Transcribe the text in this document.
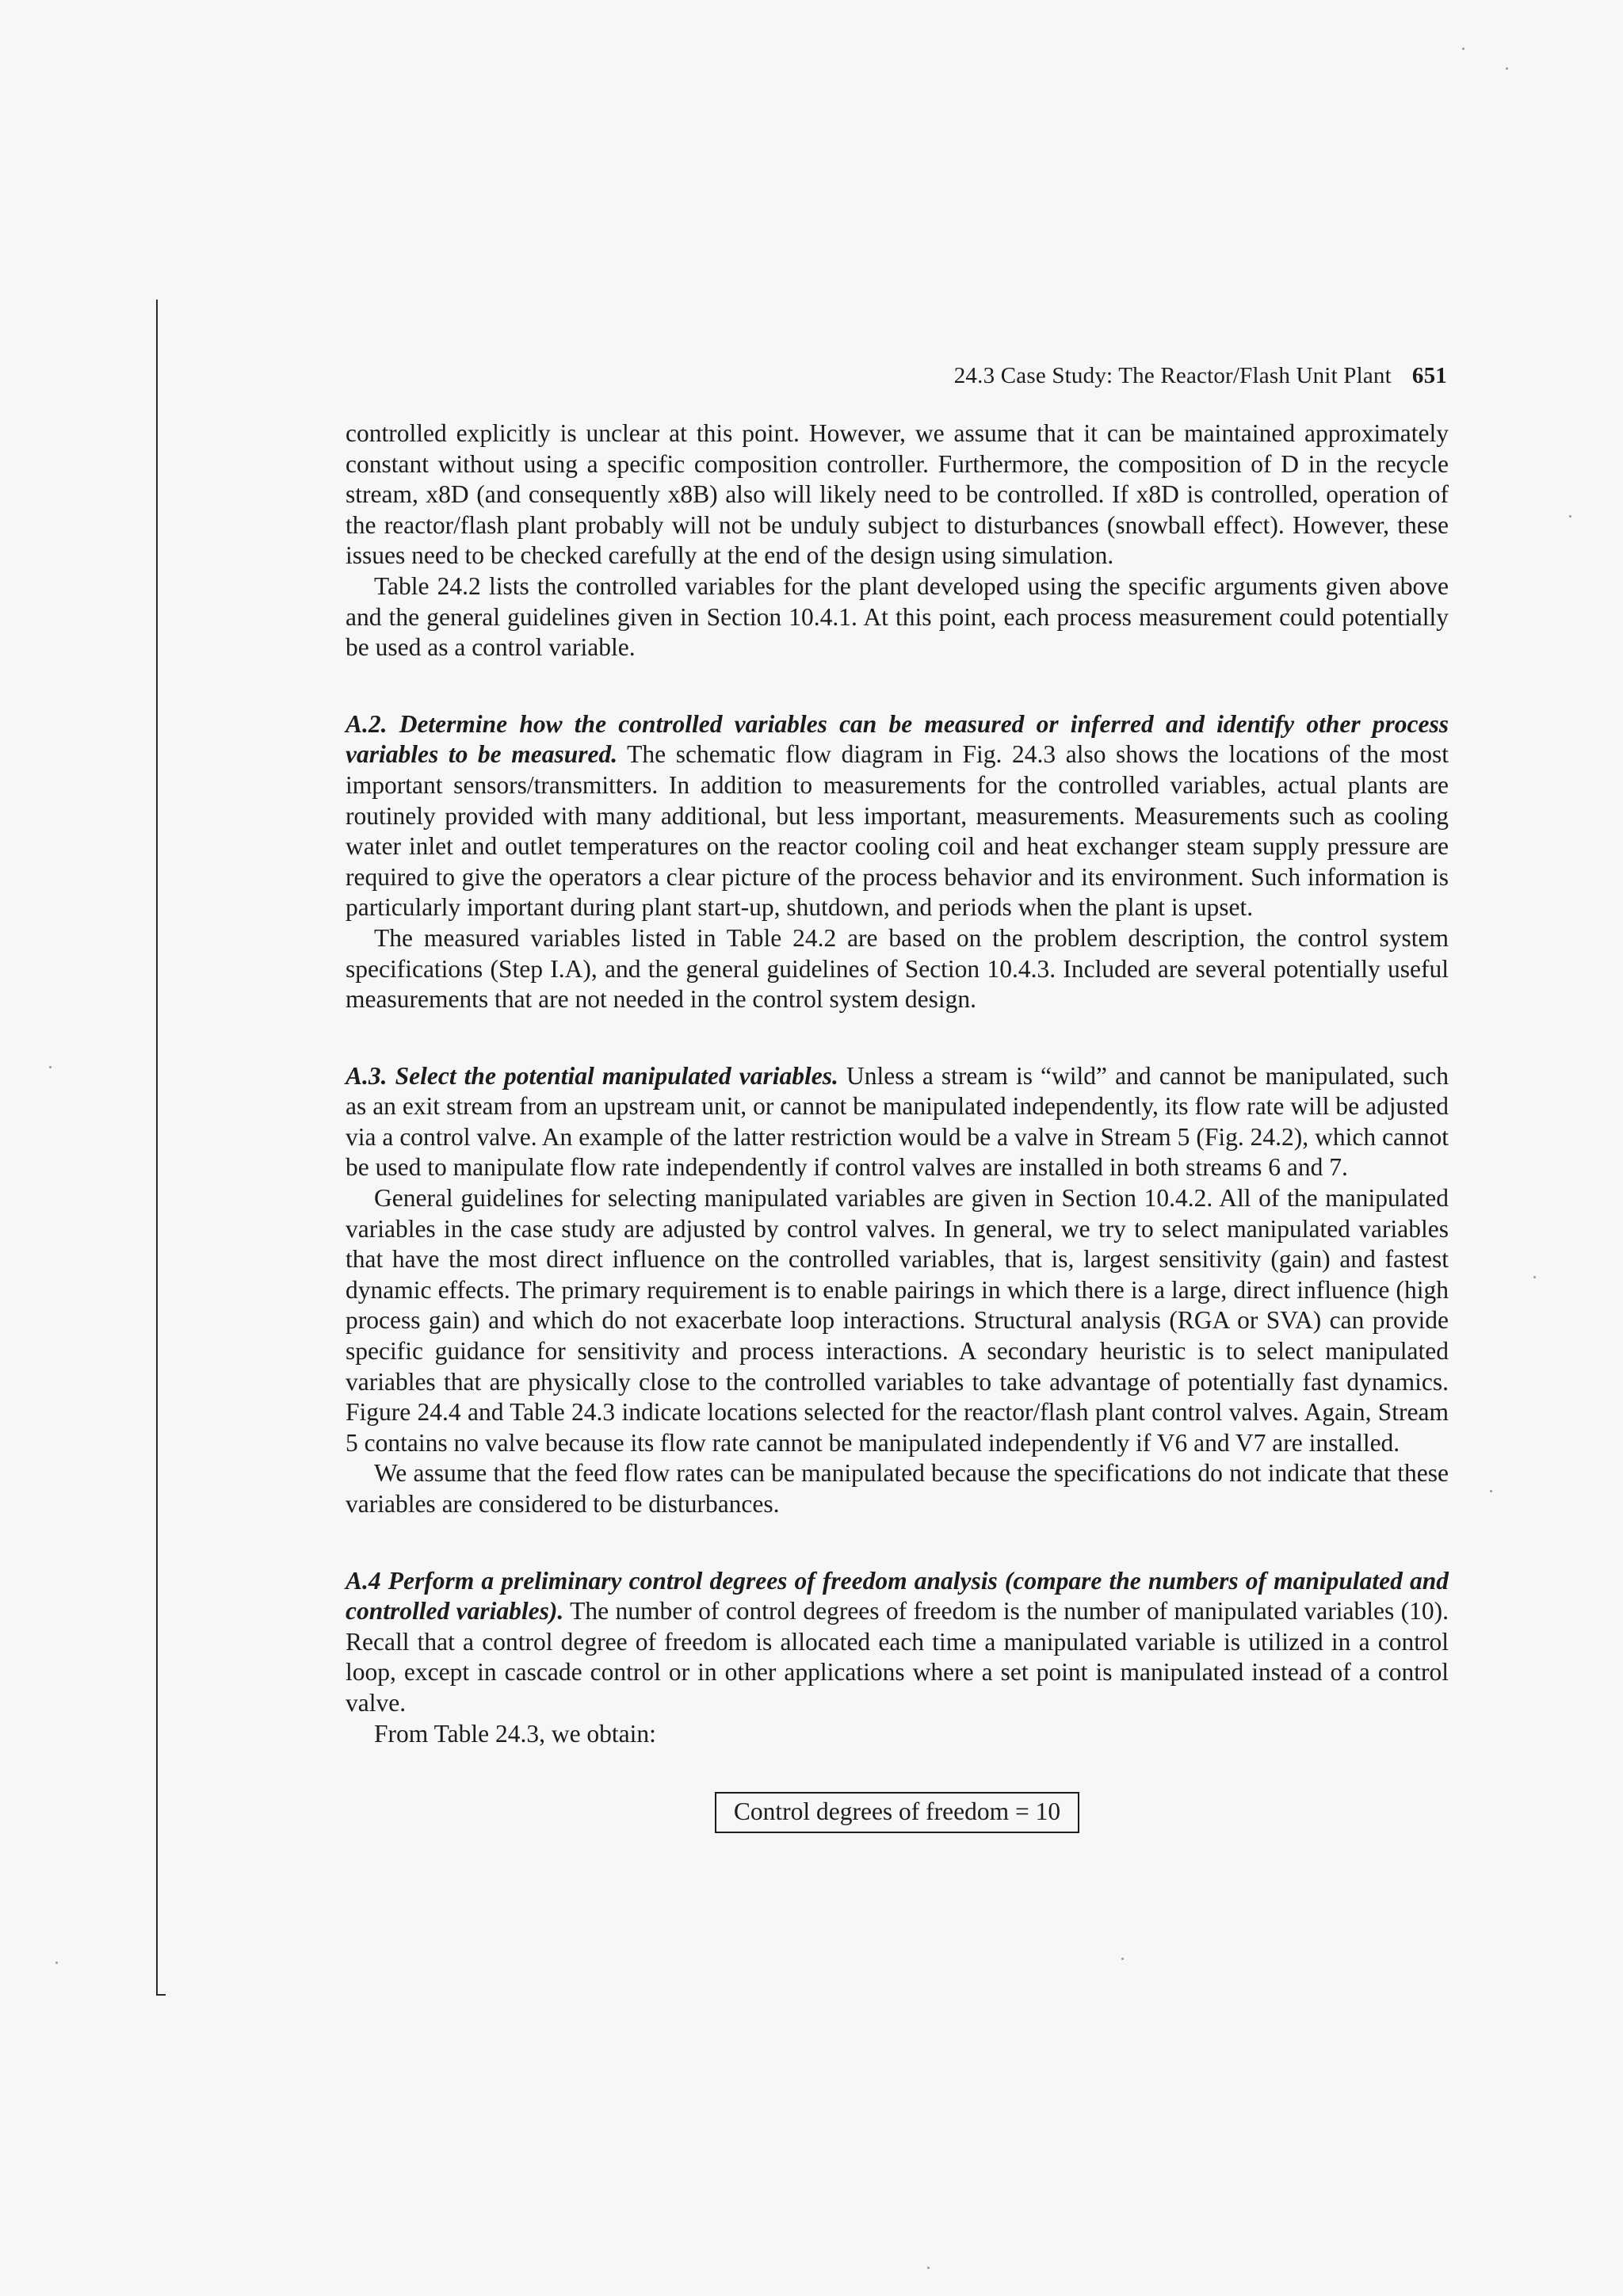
24.3 Case Study: The Reactor/Flash Unit Plant 651

controlled explicitly is unclear at this point. However, we assume that it can be maintained approximately constant without using a specific composition controller. Furthermore, the composition of D in the recycle stream, x8D (and consequently x8B) also will likely need to be controlled. If x8D is controlled, operation of the reactor/flash plant probably will not be unduly subject to disturbances (snowball effect). However, these issues need to be checked carefully at the end of the design using simulation.

Table 24.2 lists the controlled variables for the plant developed using the specific arguments given above and the general guidelines given in Section 10.4.1. At this point, each process measurement could potentially be used as a control variable.

A.2. Determine how the controlled variables can be measured or inferred and identify other process variables to be measured. The schematic flow diagram in Fig. 24.3 also shows the locations of the most important sensors/transmitters. In addition to measurements for the controlled variables, actual plants are routinely provided with many additional, but less important, measurements. Measurements such as cooling water inlet and outlet temperatures on the reactor cooling coil and heat exchanger steam supply pressure are required to give the operators a clear picture of the process behavior and its environment. Such information is particularly important during plant start-up, shutdown, and periods when the plant is upset.

The measured variables listed in Table 24.2 are based on the problem description, the control system specifications (Step I.A), and the general guidelines of Section 10.4.3. Included are several potentially useful measurements that are not needed in the control system design.

A.3. Select the potential manipulated variables. Unless a stream is “wild” and cannot be manipulated, such as an exit stream from an upstream unit, or cannot be manipulated independently, its flow rate will be adjusted via a control valve. An example of the latter restriction would be a valve in Stream 5 (Fig. 24.2), which cannot be used to manipulate flow rate independently if control valves are installed in both streams 6 and 7.

General guidelines for selecting manipulated variables are given in Section 10.4.2. All of the manipulated variables in the case study are adjusted by control valves. In general, we try to select manipulated variables that have the most direct influence on the controlled variables, that is, largest sensitivity (gain) and fastest dynamic effects. The primary requirement is to enable pairings in which there is a large, direct influence (high process gain) and which do not exacerbate loop interactions. Structural analysis (RGA or SVA) can provide specific guidance for sensitivity and process interactions. A secondary heuristic is to select manipulated variables that are physically close to the controlled variables to take advantage of potentially fast dynamics. Figure 24.4 and Table 24.3 indicate locations selected for the reactor/flash plant control valves. Again, Stream 5 contains no valve because its flow rate cannot be manipulated independently if V6 and V7 are installed.

We assume that the feed flow rates can be manipulated because the specifications do not indicate that these variables are considered to be disturbances.

A.4 Perform a preliminary control degrees of freedom analysis (compare the numbers of manipulated and controlled variables). The number of control degrees of freedom is the number of manipulated variables (10). Recall that a control degree of freedom is allocated each time a manipulated variable is utilized in a control loop, except in cascade control or in other applications where a set point is manipulated instead of a control valve.

From Table 24.3, we obtain:

Control degrees of freedom = 10
